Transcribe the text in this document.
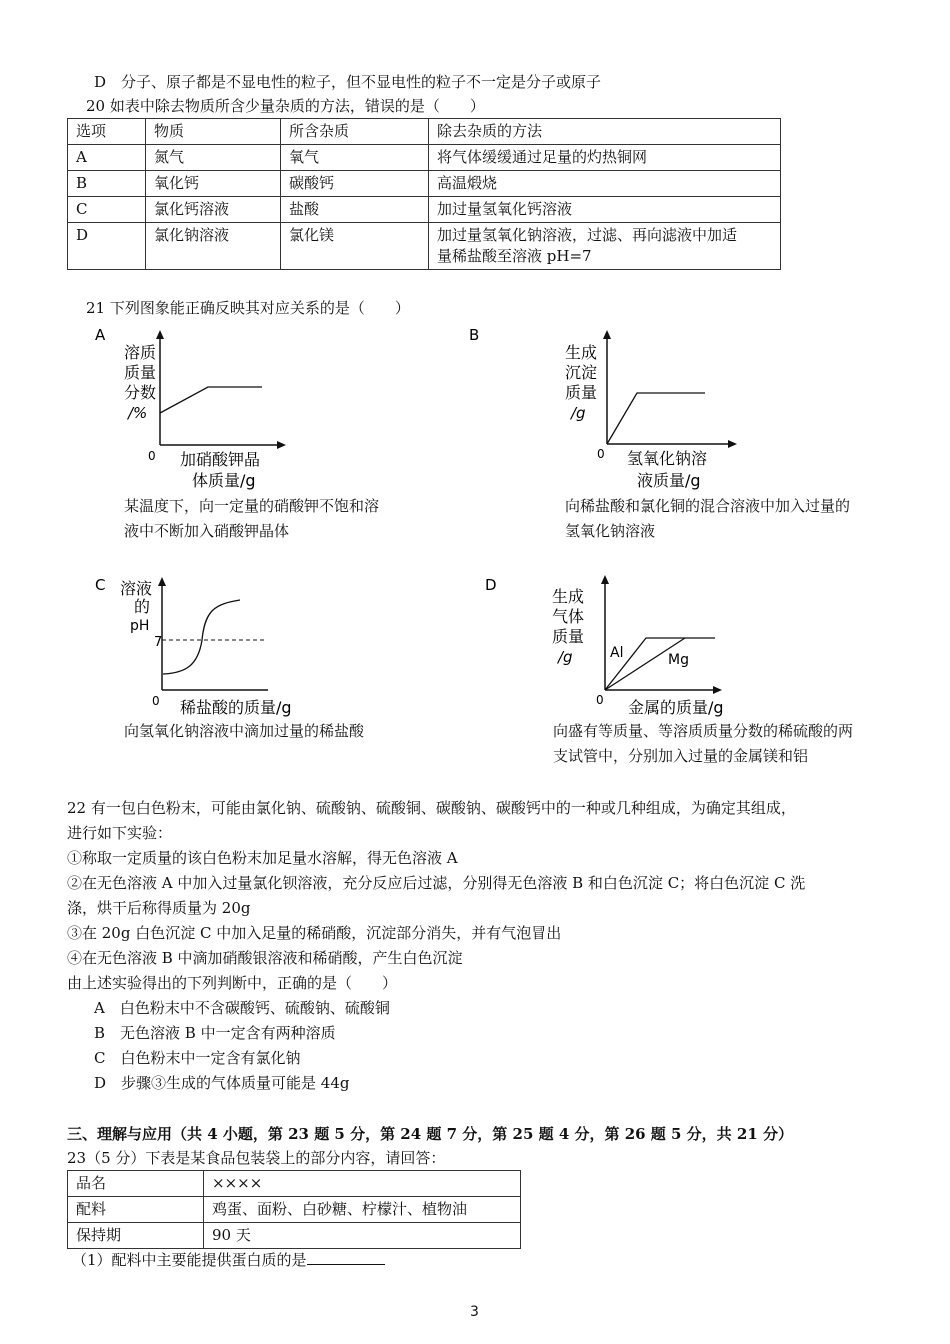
D　分子、原子都是不显电性的粒子，但不显电性的粒子不一定是分子或原子
20 如表中除去物质所含少量杂质的方法，错误的是（　　）
选项	物质	所含杂质	除去杂质的方法
A	氮气	氧气	将气体缓缓通过足量的灼热铜网
B	氧化钙	碳酸钙	高温煅烧
C	氯化钙溶液	盐酸	加过量氢氧化钙溶液
D	氯化钠溶液	氯化镁	加过量氢氧化钠溶液，过滤、再向滤液中加适
量稀盐酸至溶液 pH=7
21 下列图象能正确反映其对应关系的是（　　）
A
溶质
质量
分数
/%
0 加硝酸钾晶
体质量/g
某温度下，向一定量的硝酸钾不饱和溶
液中不断加入硝酸钾晶体
B
生成
沉淀
质量
/g
0 氢氧化钠溶
液质量/g
向稀盐酸和氯化铜的混合溶液中加入过量的
氢氧化钠溶液
C 溶液
的
pH
7
0 稀盐酸的质量/g
向氢氧化钠溶液中滴加过量的稀盐酸
D
生成
气体
质量
/g
0
Al	Mg
金属的质量/g
向盛有等质量、等溶质质量分数的稀硫酸的两
支试管中，分别加入过量的金属镁和铝
22 有一包白色粉末，可能由氯化钠、硫酸钠、硫酸铜、碳酸钠、碳酸钙中的一种或几种组成，为确定其组成，
进行如下实验：
①称取一定质量的该白色粉末加足量水溶解，得无色溶液 A
②在无色溶液 A 中加入过量氯化钡溶液，充分反应后过滤，分别得无色溶液 B 和白色沉淀 C；将白色沉淀 C 洗
涤，烘干后称得质量为 20g
③在 20g 白色沉淀 C 中加入足量的稀硝酸，沉淀部分消失，并有气泡冒出
④在无色溶液 B 中滴加硝酸银溶液和稀硝酸，产生白色沉淀
由上述实验得出的下列判断中，正确的是（　　）
A　白色粉末中不含碳酸钙、硫酸钠、硫酸铜
B　无色溶液 B 中一定含有两种溶质
C　白色粉末中一定含有氯化钠
D　步骤③生成的气体质量可能是 44g
三、理解与应用（共 4 小题，第 23 题 5 分，第 24 题 7 分，第 25 题 4 分，第 26 题 5 分，共 21 分）
23（5 分）下表是某食品包装袋上的部分内容，请回答：
品名	××××
配料	鸡蛋、面粉、白砂糖、柠檬汁、植物油
保持期	90 天
（1）配料中主要能提供蛋白质的是
3
